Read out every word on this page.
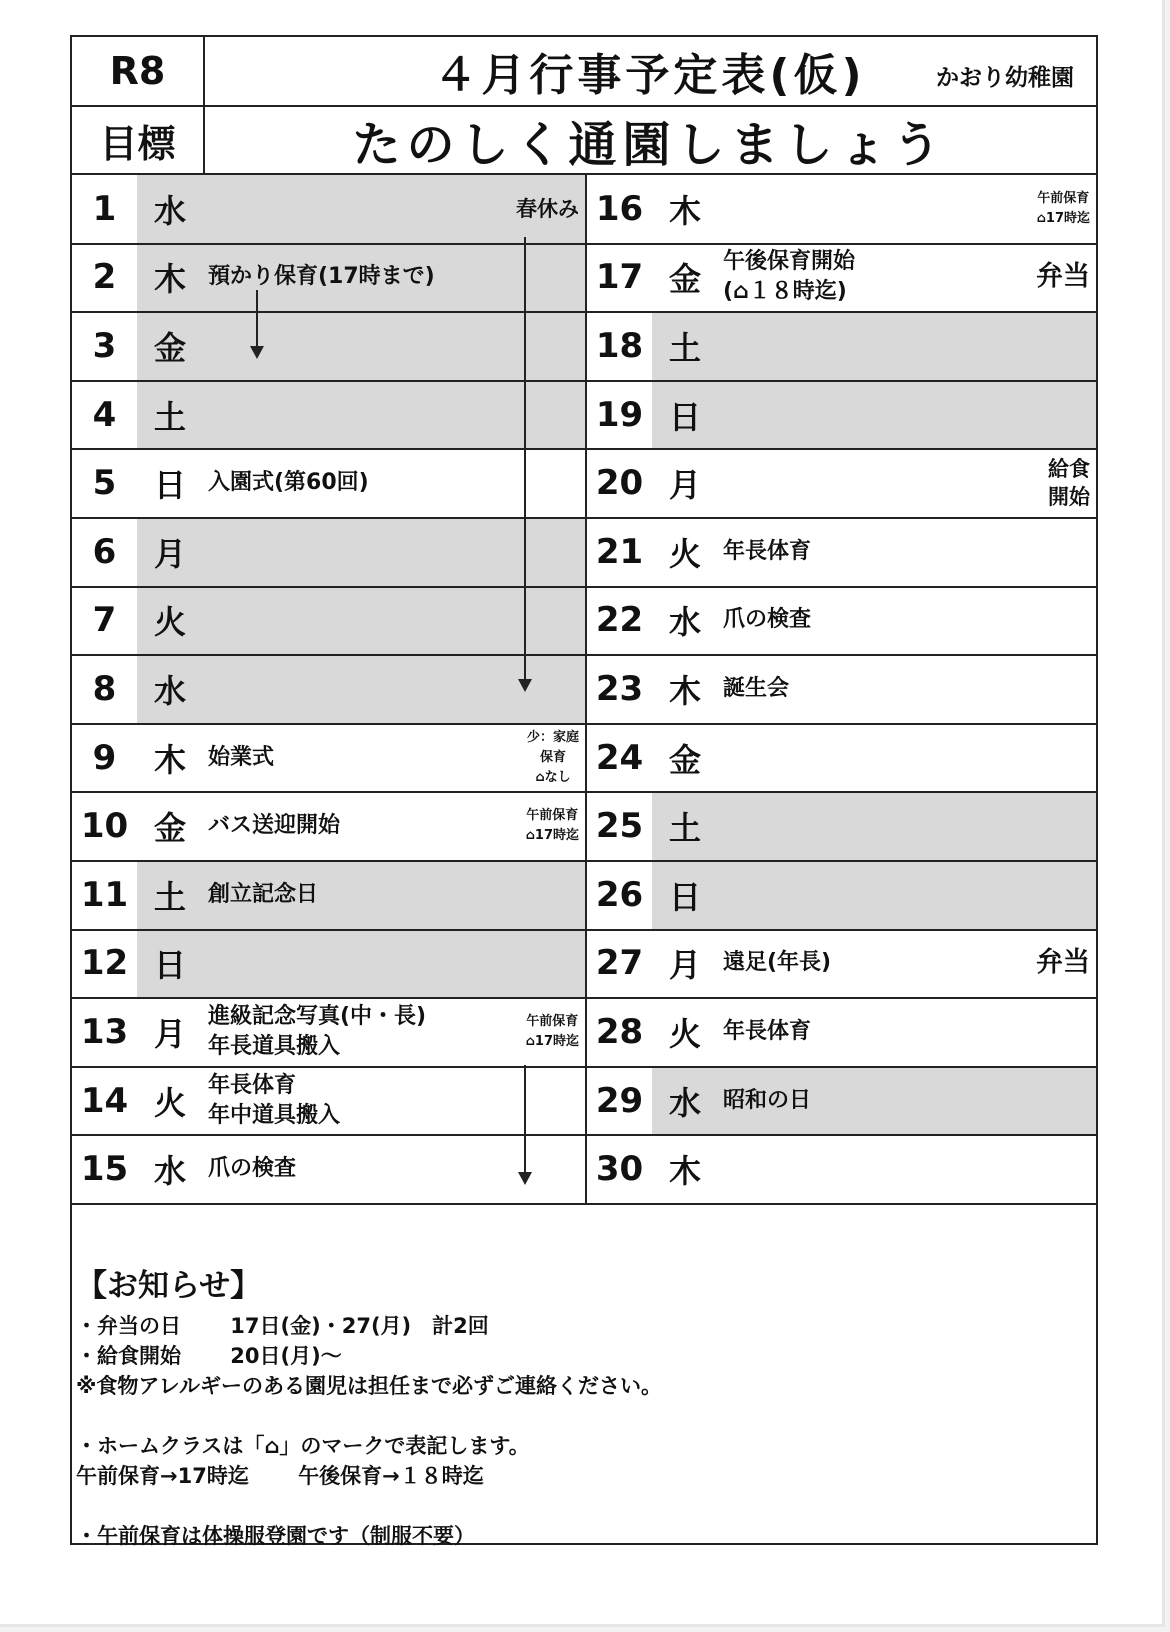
R8	４月行事予定表(仮)	かおり幼稚園
目標	たのしく通園しましょう
30 木
29 水	昭和の日
28 火	年長体育
27 月	遠足(年長)	弁当
26 日
25 土
24 金
23 木	誕生会
22 水	爪の検査
21 火	年長体育
20 月	給食
開始
19 日
18 土
17 金	午後保育開始
(⌂１８時迄)	弁当
16 木	午前保育
⌂17時迄
15 水	爪の検査
14 火	年長体育
年中道具搬入
13 月	進級記念写真(中・長)
年長道具搬入
午前保育
⌂17時迄
12 日
11 土	創立記念日
10 金	バス送迎開始	午前保育
⌂17時迄
9	木	始業式
少：家庭
保育
⌂なし
8	水
7	火
6	月
5	日	入園式(第60回)
4	土
3	金
2	木	預かり保育(17時まで)
1	水	春休み
【お知らせ】
・弁当の日　　 17日(金)・27(月)　計2回
・給食開始　　 20日(月)～
※食物アレルギーのある園児は担任まで必ずご連絡ください。
・ホームクラスは「⌂」のマークで表記します。
午前保育→17時迄　　 午後保育→１８時迄
・午前保育は体操服登園です（制服不要）
